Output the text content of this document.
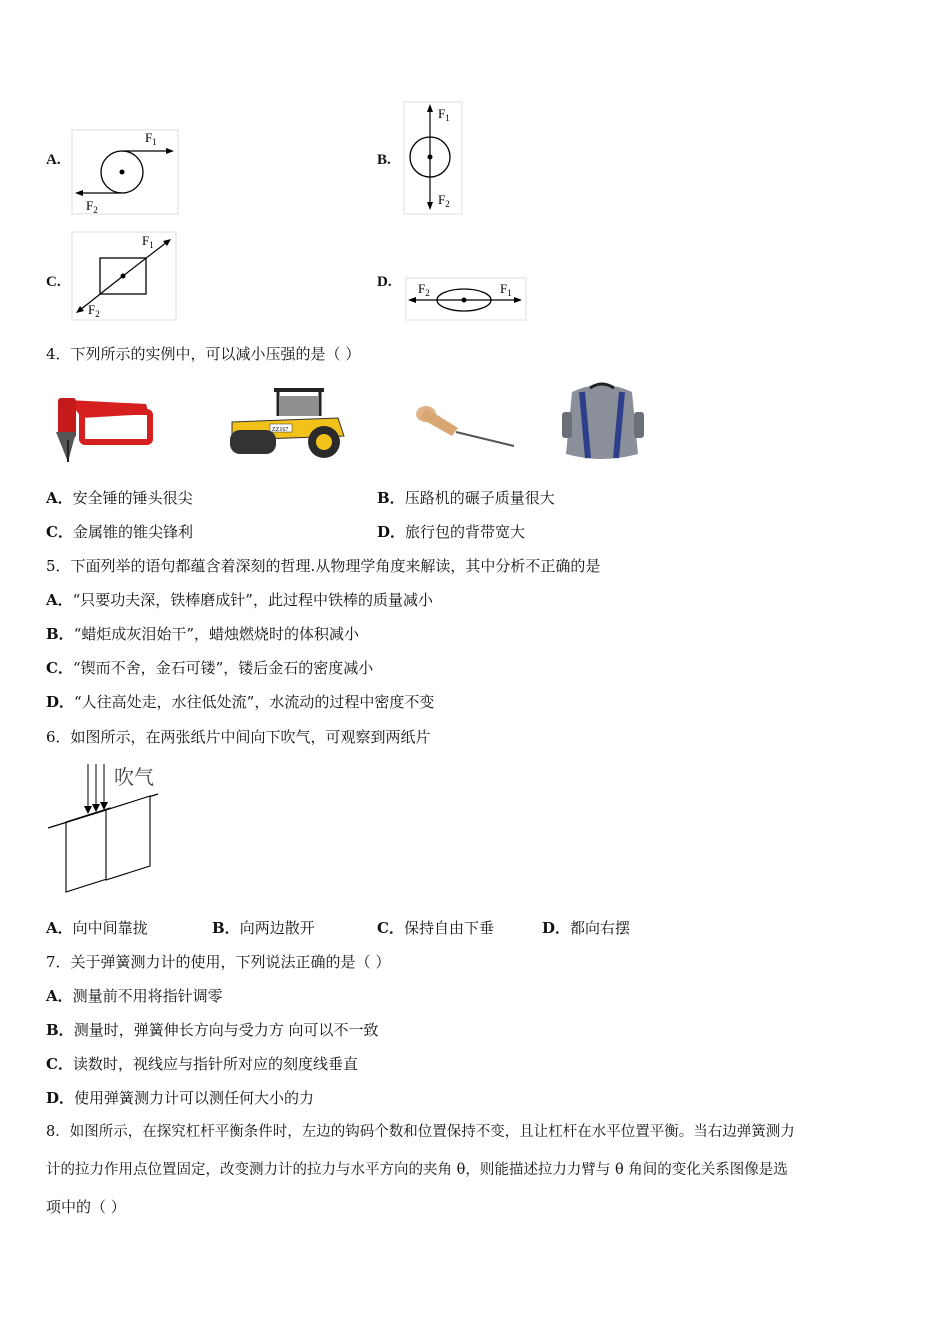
A.
$F_1$
$F_2$
B.
$F_1$
$F_2$
C.
$F_1$
$F_2$
D. $F_2$	$F_1$
4．下列所示的实例中，可以减小压强的是（ ）
ZZ167
A．安全锤的锤头很尖	B．压路机的碾子质量很大
C．金属锥的锥尖锋利	D．旅行包的背带宽大
5．下面列举的语句都蕴含着深刻的哲理.从物理学角度来解读，其中分析不正确的是
A．“只要功夫深，铁棒磨成针”，此过程中铁棒的质量减小
B．“蜡炬成灰泪始干”，蜡烛燃烧时的体积减小
C．“锲而不舍，金石可镂”，镂后金石的密度减小
D．“人往高处走，水往低处流”，水流动的过程中密度不变
6．如图所示，在两张纸片中间向下吹气，可观察到两纸片
吹气
A．向中间靠拢	B．向两边散开	C．保持自由下垂	D．都向右摆
7．关于弹簧测力计的使用，下列说法正确的是（ ）
A．测量前不用将指针调零
B．测量时，弹簧伸长方向与受力方 向可以不一致
C．读数时，视线应与指针所对应的刻度线垂直
D．使用弹簧测力计可以测任何大小的力
8．如图所示，在探究杠杆平衡条件时，左边的钩码个数和位置保持不变，且让杠杆在水平位置平衡。当右边弹簧测力
计的拉力作用点位置固定，改变测力计的拉力与水平方向的夹角 θ，则能描述拉力力臂与 θ 角间的变化关系图像是选
项中的（ ）
